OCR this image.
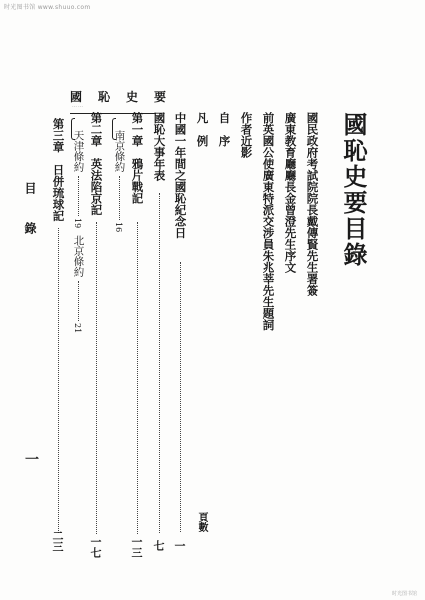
时光图书馆 www.shuuo.com
國　恥　史　要
……
國恥史要目錄
國民政府考試院院長戴傳賢先生署簽
廣東教育廳廳長金曾澄先生序文
前英國公使廣東特派交涉員朱兆莘先生題詞
作者近影
自　序
凡　例
中國一年間之國恥紀念日
國恥大事年表
第一章　鴉片戰記
南京條約
16
第二章　英法陷京記
天津條約
19
北京條約
21
第三章　日併琉球記
頁數
一
七
一三
一七
二三
目　錄
一
时光图书馆
